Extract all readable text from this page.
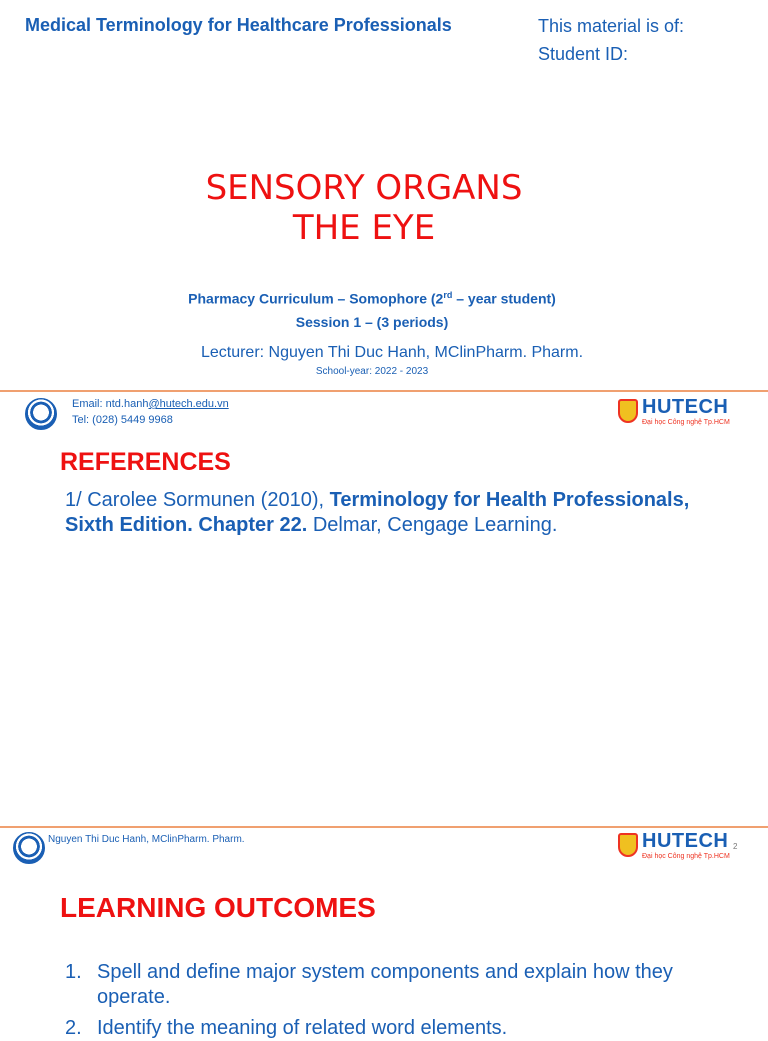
Medical Terminology for Healthcare Professionals	This material is of:
Student ID:
SENSORY ORGANS
THE EYE
Pharmacy Curriculum – Somophore (2rd – year student)
Session 1 – (3 periods)
Lecturer: Nguyen Thi Duc Hanh, MClinPharm. Pharm.
School-year: 2022 - 2023
Email: ntd.hanh@hutech.edu.vn
Tel: (028) 5449 9968
HUTECH
Đại học Công nghệ Tp.HCM
REFERENCES
1/ Carolee Sormunen (2010), Terminology for Health Professionals, Sixth Edition. Chapter 22. Delmar, Cengage Learning.
Nguyen Thi Duc Hanh, MClinPharm. Pharm.	HUTECH
Đại học Công nghệ Tp.HCM
2
LEARNING OUTCOMES
1. Spell and define major system components and explain how they operate.
2. Identify the meaning of related word elements.
